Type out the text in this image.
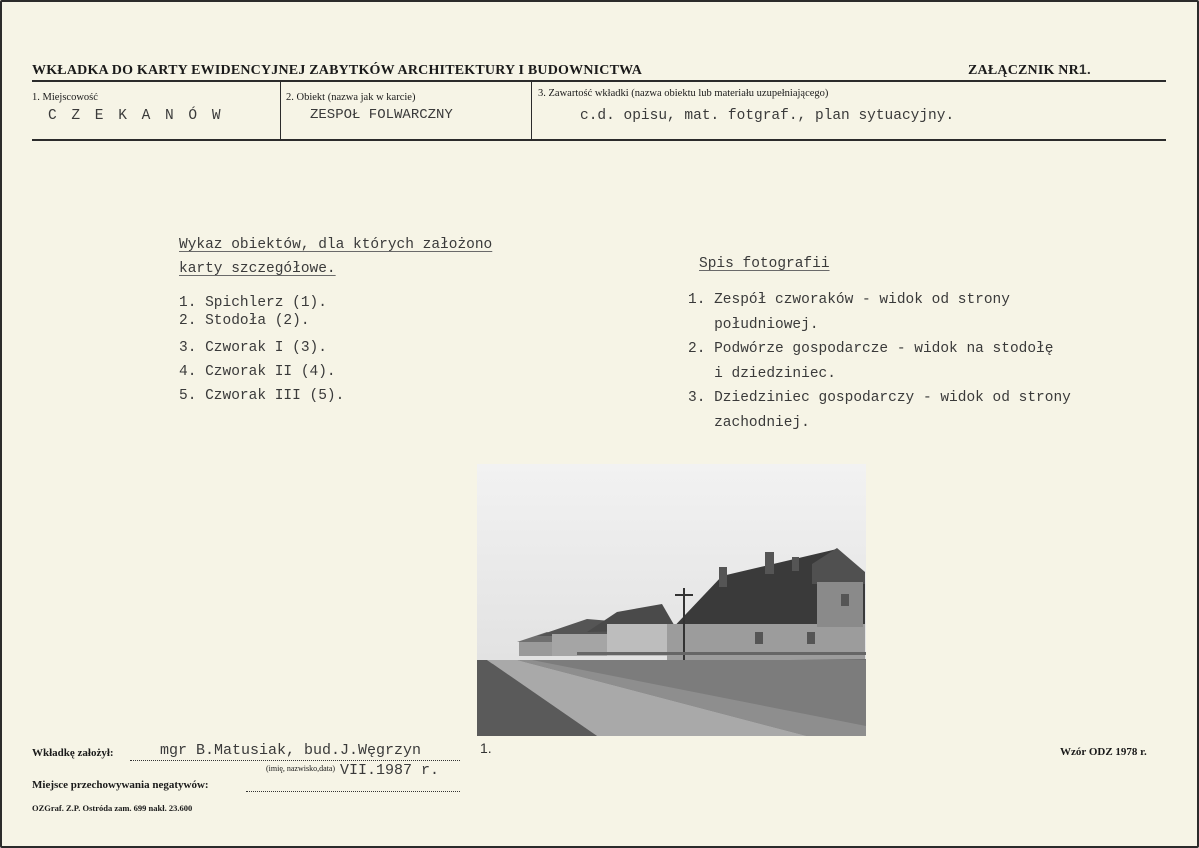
WKŁADKA DO KARTY EWIDENCYJNEJ ZABYTKÓW ARCHITEKTURY I BUDOWNICTWA	ZAŁĄCZNIK NR1.
1. Miejscowość
C Z E K A N Ó W
2. Obiekt (nazwa jak w karcie)
ZESPOŁ FOLWARCZNY
3. Zawartość wkładki (nazwa obiektu lub materiału uzupełniającego)
c.d. opisu, mat. fotgraf., plan sytuacyjny.
Wykaz obiektów, dla których założono
karty szczegółowe.
1. Spichlerz (1).
2. Stodoła (2).
3. Czworak I (3).
4. Czworak II (4).
5. Czworak III (5).
Spis fotografii
1. Zespół czworaków - widok od strony
południowej.
2. Podwórze gospodarcze - widok na stodołę
i dziedziniec.
3. Dziedziniec gospodarczy - widok od strony
zachodniej.
1.
Wkładkę założył:	mgr B.Matusiak, bud.J.Węgrzyn
(imię, nazwisko,data) VII.1987 r.
Miejsce przechowywania negatywów:
OZGraf. Z.P. Ostróda zam. 699 nakł. 23.600
Wzór ODZ 1978 r.
